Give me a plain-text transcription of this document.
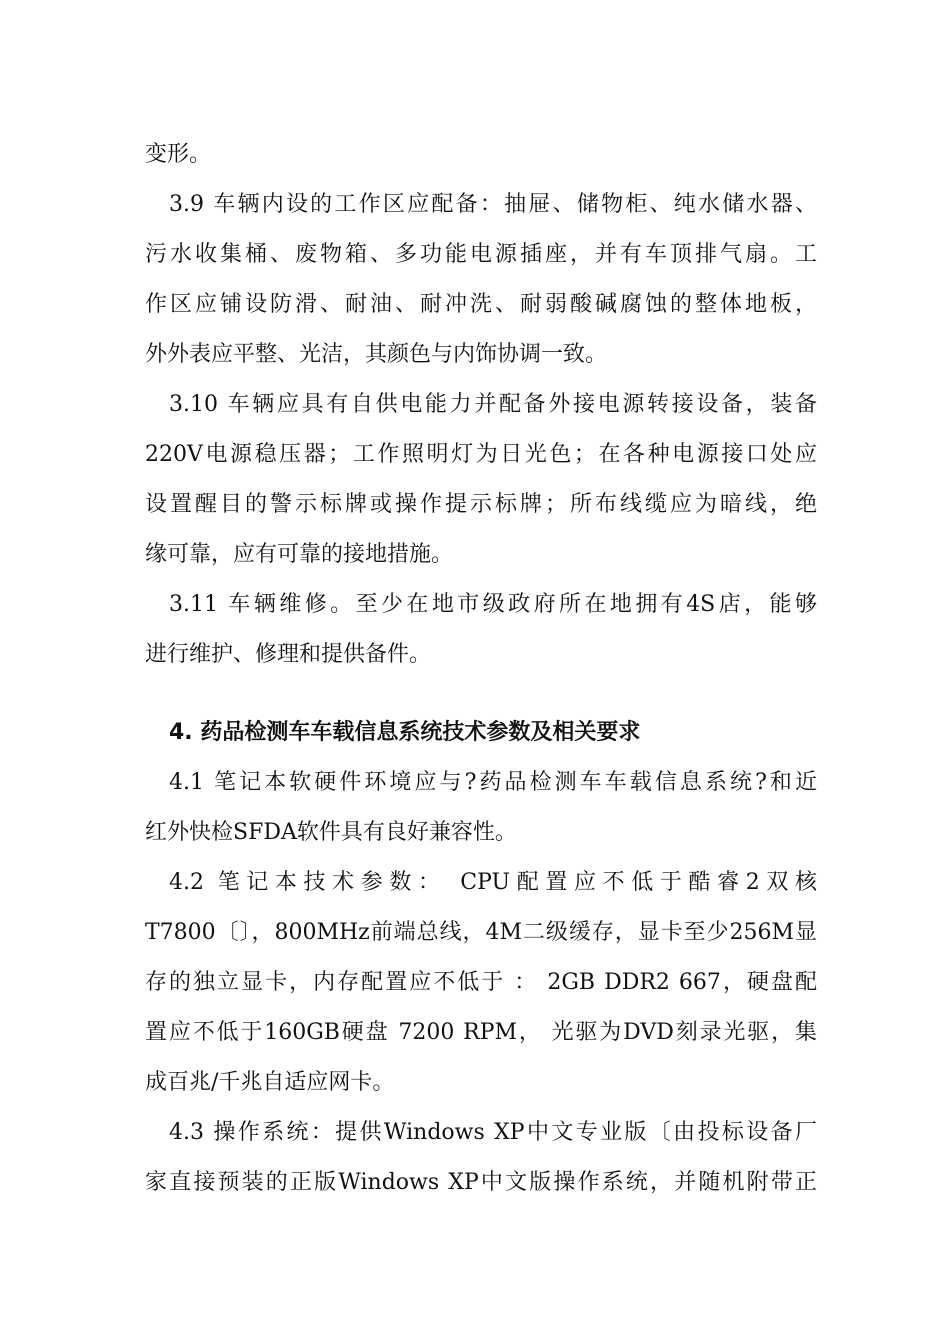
变形。
3.9 车辆内设的工作区应配备：抽屉、储物柜、纯水储水器、
污水收集桶、废物箱、多功能电源插座，并有车顶排气扇。工
作区应铺设防滑、耐油、耐冲洗、耐弱酸碱腐蚀的整体地板，
外外表应平整、光洁，其颜色与内饰协调一致。
3.10 车辆应具有自供电能力并配备外接电源转接设备，装备
220V电源稳压器；工作照明灯为日光色；在各种电源接口处应
设置醒目的警示标牌或操作提示标牌；所布线缆应为暗线，绝
缘可靠，应有可靠的接地措施。
3.11 车辆维修。至少在地市级政府所在地拥有4S店，能够
进行维护、修理和提供备件。
4. 药品检测车车载信息系统技术参数及相关要求
4.1 笔记本软硬件环境应与?药品检测车车载信息系统?和近
红外快检SFDA软件具有良好兼容性。
4.2 笔记本技术参数： CPU配置应不低于酷睿2双核
T7800〔〕，800MHz前端总线，4M二级缓存，显卡至少256M显
存的独立显卡，内存配置应不低于 ： 2GB DDR2 667，硬盘配
置应不低于160GB硬盘 7200 RPM， 光驱为DVD刻录光驱，集
成百兆/千兆自适应网卡。
4.3 操作系统：提供Windows XP中文专业版〔由投标设备厂
家直接预装的正版Windows XP中文版操作系统，并随机附带正
